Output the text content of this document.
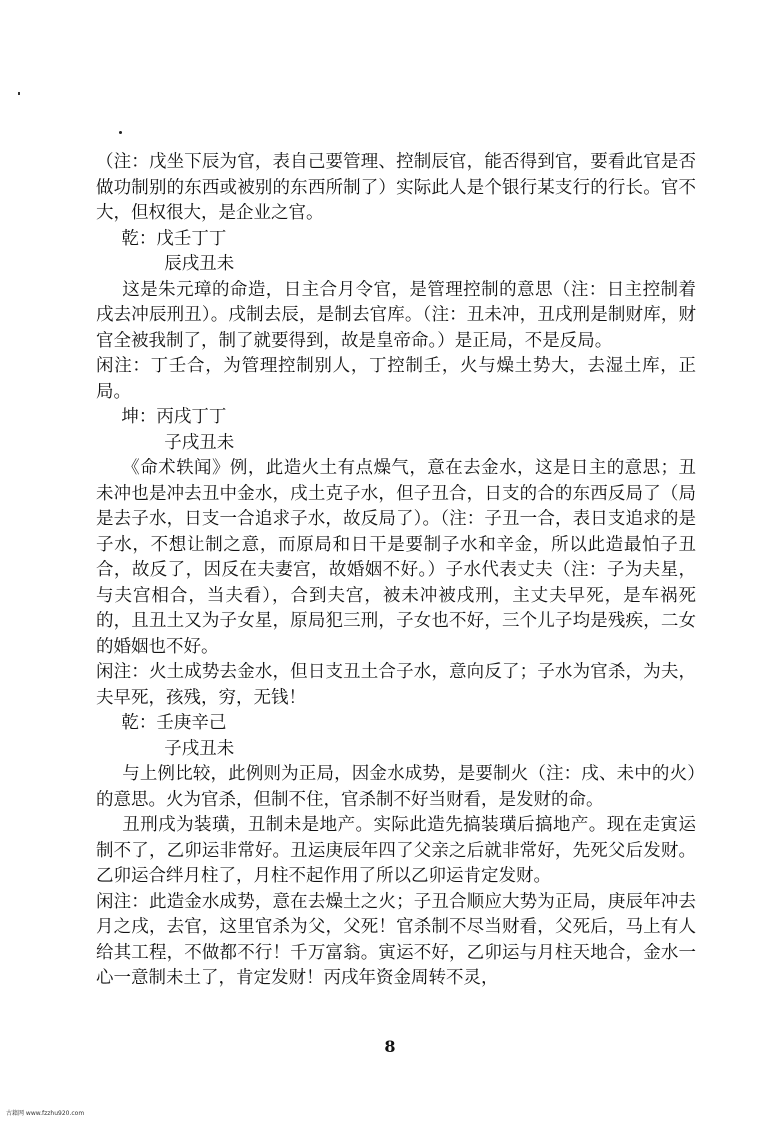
（注：戊坐下辰为官，表自己要管理、控制辰官，能否得到官，要看此官是否做功制别的东西或被别的东西所制了）实际此人是个银行某支行的行长。官不大，但权很大，是企业之官。

乾：戊壬丁丁

辰戌丑未

这是朱元璋的命造，日主合月令官，是管理控制的意思（注：日主控制着戌去冲辰刑丑）。戌制去辰，是制去官库。（注：丑未冲，丑戌刑是制财库，财官全被我制了，制了就要得到，故是皇帝命。）是正局，不是反局。

闲注：丁壬合，为管理控制别人，丁控制壬，火与燥土势大，去湿土库，正局。

坤：丙戌丁丁

子戌丑未

《命术轶闻》例，此造火土有点燥气，意在去金水，这是日主的意思；丑未冲也是冲去丑中金水，戌土克子水，但子丑合，日支的合的东西反局了（局是去子水，日支一合追求子水，故反局了）。（注：子丑一合，表日支追求的是子水，不想让制之意，而原局和日干是要制子水和辛金，所以此造最怕子丑合，故反了，因反在夫妻宫，故婚姻不好。）子水代表丈夫（注：子为夫星，与夫宫相合，当夫看），合到夫宫，被未冲被戌刑，主丈夫早死，是车祸死的，且丑土又为子女星，原局犯三刑，子女也不好，三个儿子均是残疾，二女的婚姻也不好。

闲注：火土成势去金水，但日支丑土合子水，意向反了；子水为官杀，为夫，夫早死，孩残，穷，无钱！

乾：壬庚辛己

子戌丑未

与上例比较，此例则为正局，因金水成势，是要制火（注：戌、未中的火）的意思。火为官杀，但制不住，官杀制不好当财看，是发财的命。

丑刑戌为装璜，丑制未是地产。实际此造先搞装璜后搞地产。现在走寅运制不了，乙卯运非常好。丑运庚辰年四了父亲之后就非常好，先死父后发财。乙卯运合绊月柱了，月柱不起作用了所以乙卯运肯定发财。

闲注：此造金水成势，意在去燥土之火；子丑合顺应大势为正局，庚辰年冲去月之戌，去官，这里官杀为父，父死！官杀制不尽当财看，父死后，马上有人给其工程，不做都不行！千万富翁。寅运不好，乙卯运与月柱天地合，金水一心一意制未土了，肯定发财！丙戌年资金周转不灵，

8
古籍网 www.fzzhu920.com
